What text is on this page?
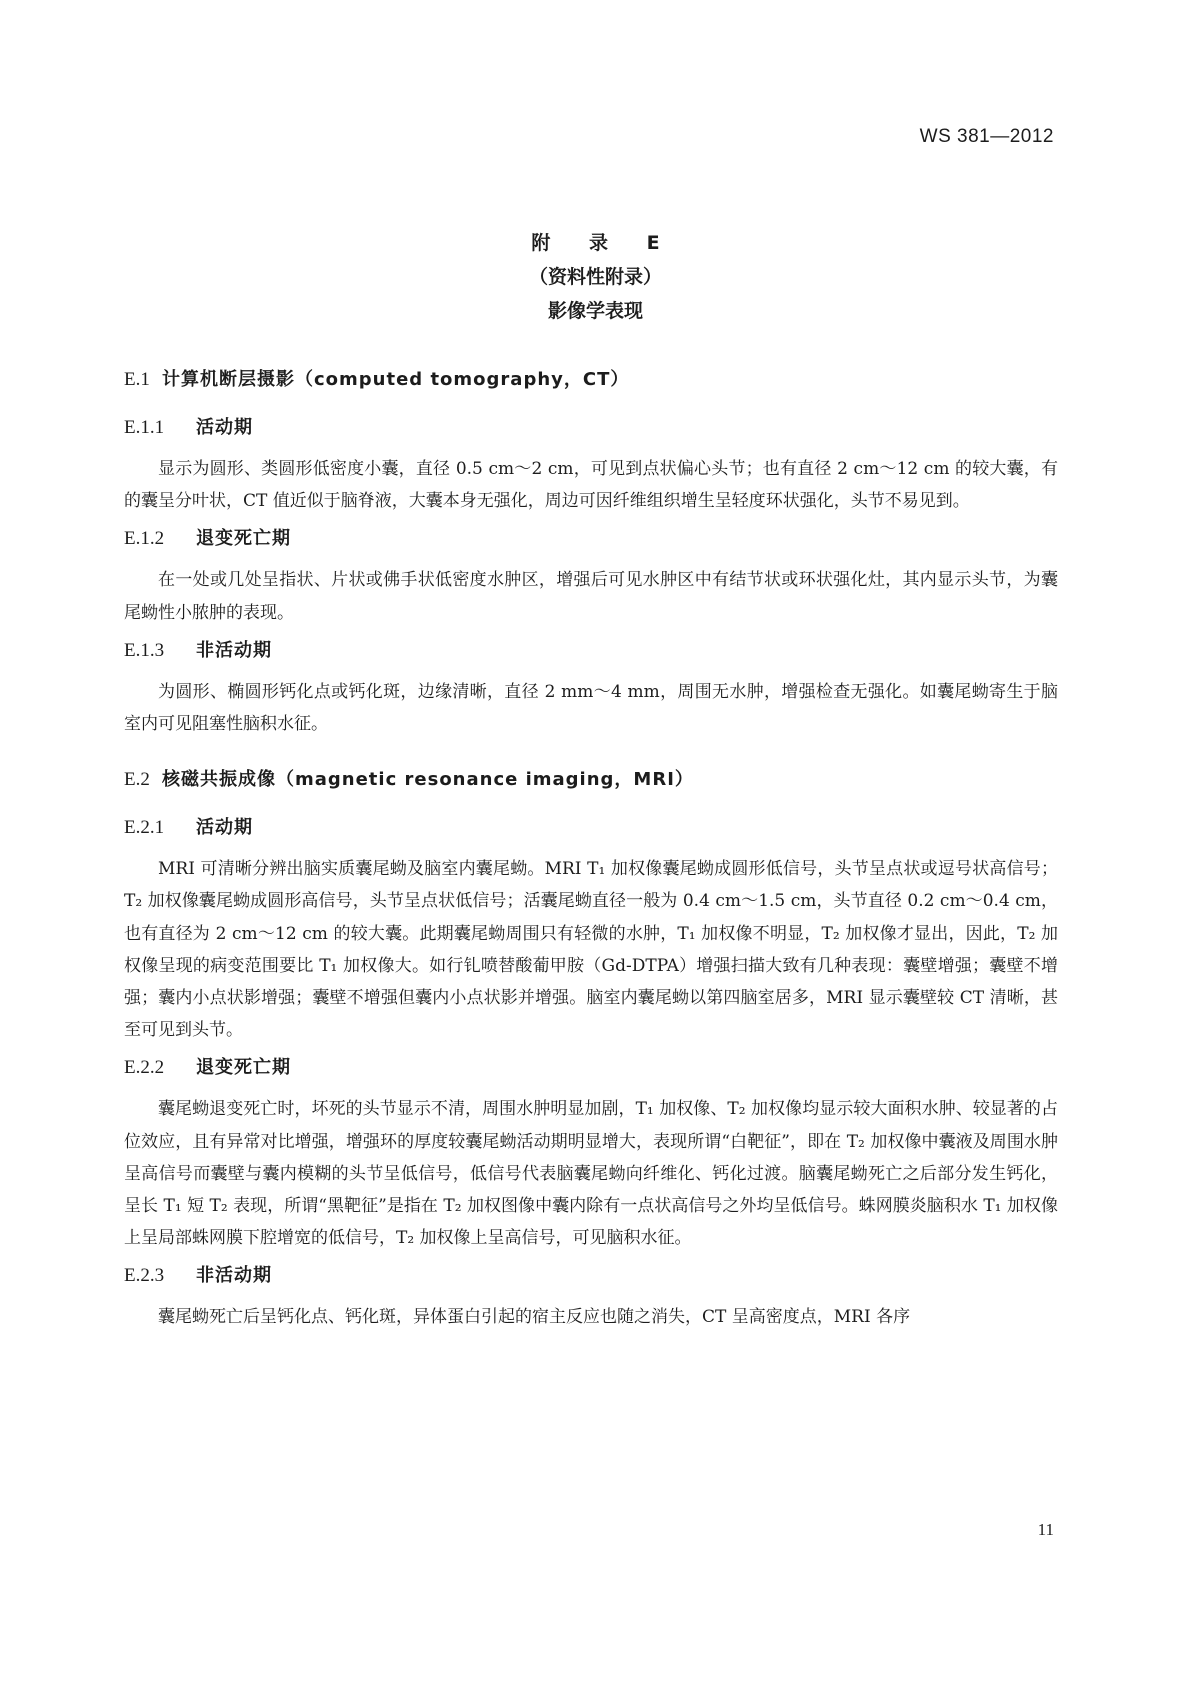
WS 381—2012
附 录 E
（资料性附录）
影像学表现
E.1 计算机断层摄影（computed tomography，CT）
E.1.1 活动期

显示为圆形、类圆形低密度小囊，直径 0.5 cm～2 cm，可见到点状偏心头节；也有直径 2 cm～12 cm 的较大囊，有的囊呈分叶状，CT 值近似于脑脊液，大囊本身无强化，周边可因纤维组织增生呈轻度环状强化，头节不易见到。

E.1.2 退变死亡期

在一处或几处呈指状、片状或佛手状低密度水肿区，增强后可见水肿区中有结节状或环状强化灶，其内显示头节，为囊尾蚴性小脓肿的表现。

E.1.3 非活动期

为圆形、椭圆形钙化点或钙化斑，边缘清晰，直径 2 mm～4 mm，周围无水肿，增强检查无强化。如囊尾蚴寄生于脑室内可见阻塞性脑积水征。

E.2 核磁共振成像（magnetic resonance imaging，MRI）
E.2.1 活动期

MRI 可清晰分辨出脑实质囊尾蚴及脑室内囊尾蚴。MRI T₁ 加权像囊尾蚴成圆形低信号，头节呈点状或逗号状高信号；T₂ 加权像囊尾蚴成圆形高信号，头节呈点状低信号；活囊尾蚴直径一般为 0.4 cm～1.5 cm，头节直径 0.2 cm～0.4 cm，也有直径为 2 cm～12 cm 的较大囊。此期囊尾蚴周围只有轻微的水肿，T₁ 加权像不明显，T₂ 加权像才显出，因此，T₂ 加权像呈现的病变范围要比 T₁ 加权像大。如行钆喷替酸葡甲胺（Gd-DTPA）增强扫描大致有几种表现：囊壁增强；囊壁不增强；囊内小点状影增强；囊壁不增强但囊内小点状影并增强。脑室内囊尾蚴以第四脑室居多，MRI 显示囊壁较 CT 清晰，甚至可见到头节。

E.2.2 退变死亡期

囊尾蚴退变死亡时，坏死的头节显示不清，周围水肿明显加剧，T₁ 加权像、T₂ 加权像均显示较大面积水肿、较显著的占位效应，且有异常对比增强，增强环的厚度较囊尾蚴活动期明显增大，表现所谓“白靶征”，即在 T₂ 加权像中囊液及周围水肿呈高信号而囊壁与囊内模糊的头节呈低信号，低信号代表脑囊尾蚴向纤维化、钙化过渡。脑囊尾蚴死亡之后部分发生钙化，呈长 T₁ 短 T₂ 表现，所谓“黑靶征”是指在 T₂ 加权图像中囊内除有一点状高信号之外均呈低信号。蛛网膜炎脑积水 T₁ 加权像上呈局部蛛网膜下腔增宽的低信号，T₂ 加权像上呈高信号，可见脑积水征。

E.2.3 非活动期

囊尾蚴死亡后呈钙化点、钙化斑，异体蛋白引起的宿主反应也随之消失，CT 呈高密度点，MRI 各序

11
